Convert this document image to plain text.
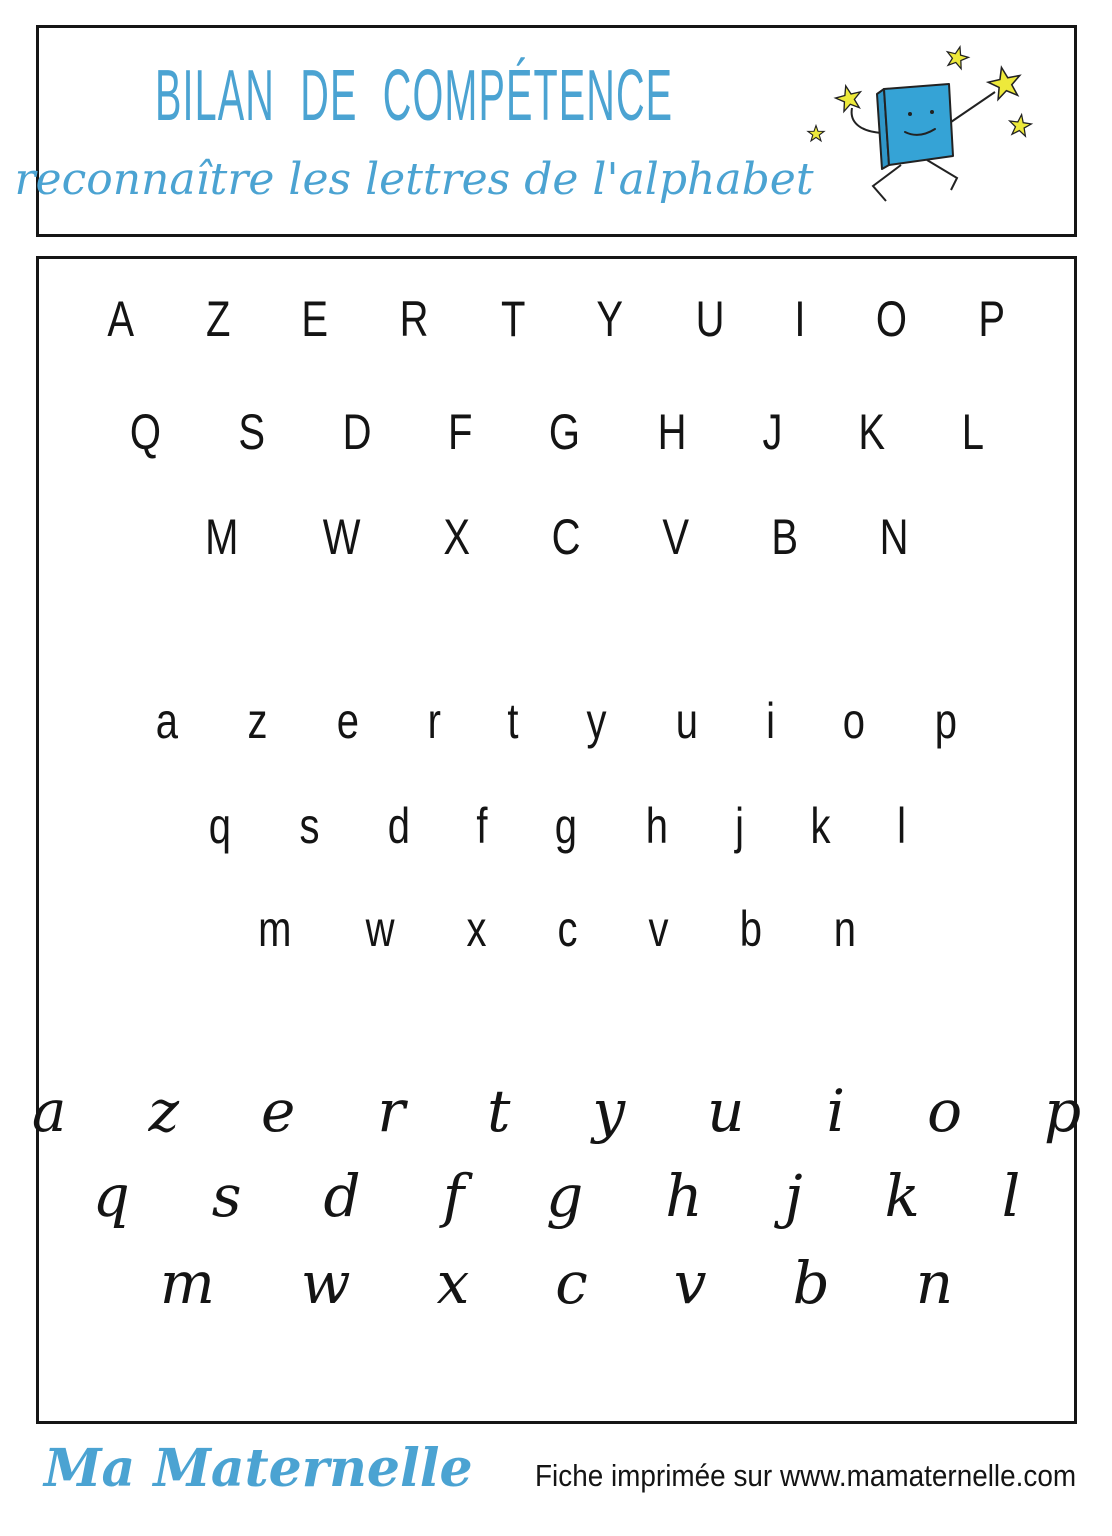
BILAN DE COMPÉTENCE
reconnaître les lettres de l'alphabet
A Z E R T Y U I O P
Q S D F G H J K L
M W X C V B N
a z e r t y u i o p
q s d f g h j k l
m w x c v b n
a z e r t y u i o p
q s d f g h j k l
m w x c v b n
Ma Maternelle Fiche imprimée sur www.mamaternelle.com
